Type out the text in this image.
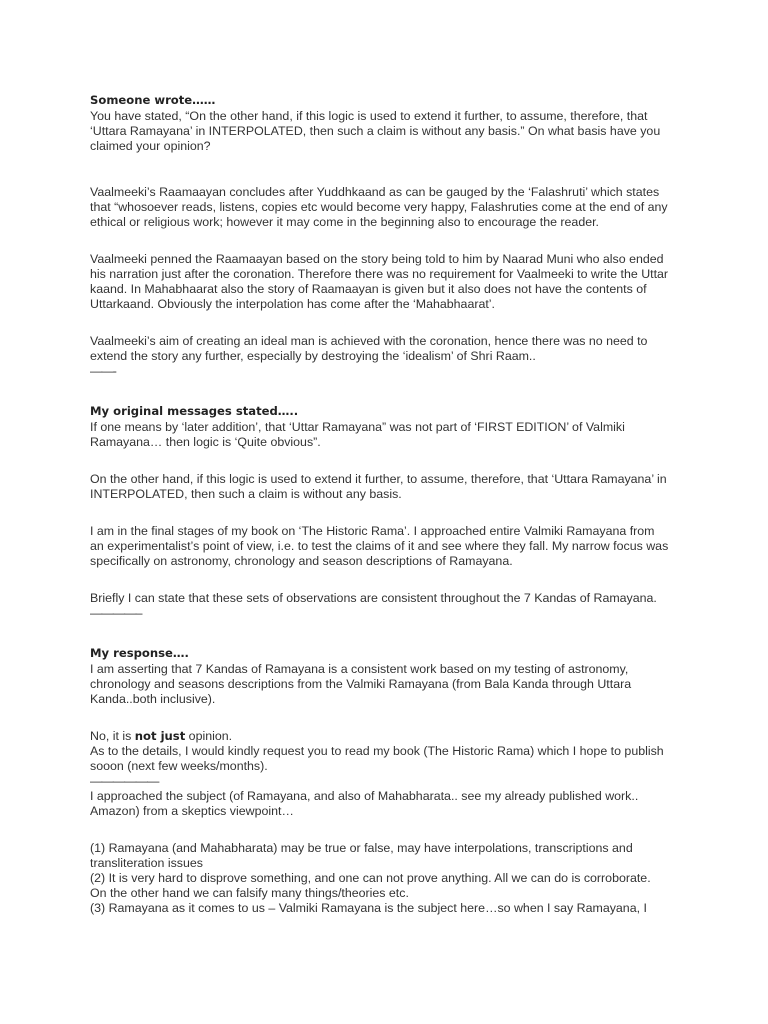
Someone wrote……
You have stated, “On the other hand, if this logic is used to extend it further, to assume, therefore, that
‘Uttara Ramayana’ in INTERPOLATED, then such a claim is without any basis.” On what basis have you
claimed your opinion?
Vaalmeeki’s Raamaayan concludes after Yuddhkaand as can be gauged by the ‘Falashruti’ which states
that “whosoever reads, listens, copies etc would become very happy, Falashruties come at the end of any
ethical or religious work; however it may come in the beginning also to encourage the reader.
Vaalmeeki penned the Raamaayan based on the story being told to him by Naarad Muni who also ended
his narration just after the coronation. Therefore there was no requirement for Vaalmeeki to write the Uttar
kaand. In Mahabhaarat also the story of Raamaayan is given but it also does not have the contents of
Uttarkaand. Obviously the interpolation has come after the ‘Mahabhaarat’.
Vaalmeeki’s aim of creating an ideal man is achieved with the coronation, hence there was no need to
extend the story any further, especially by destroying the ‘idealism’ of Shri Raam..
——-
My original messages stated…..
If one means by ‘later addition’, that ‘Uttar Ramayana” was not part of ‘FIRST EDITION’ of Valmiki
Ramayana… then logic is ‘Quite obvious”.
On the other hand, if this logic is used to extend it further, to assume, therefore, that ‘Uttara Ramayana’ in
INTERPOLATED, then such a claim is without any basis.
I am in the final stages of my book on ‘The Historic Rama’. I approached entire Valmiki Ramayana from
an experimentalist’s point of view, i.e. to test the claims of it and see where they fall. My narrow focus was
specifically on astronomy, chronology and season descriptions of Ramayana.
Briefly I can state that these sets of observations are consistent throughout the 7 Kandas of Ramayana.
————–
My response….
I am asserting that 7 Kandas of Ramayana is a consistent work based on my testing of astronomy,
chronology and seasons descriptions from the Valmiki Ramayana (from Bala Kanda through Uttara
Kanda..both inclusive).
No, it is not just opinion.
As to the details, I would kindly request you to read my book (The Historic Rama) which I hope to publish
sooon (next few weeks/months).
——————
I approached the subject (of Ramayana, and also of Mahabharata.. see my already published work..
Amazon) from a skeptics viewpoint…
(1) Ramayana (and Mahabharata) may be true or false, may have interpolations, transcriptions and
transliteration issues
(2) It is very hard to disprove something, and one can not prove anything. All we can do is corroborate.
On the other hand we can falsify many things/theories etc.
(3) Ramayana as it comes to us – Valmiki Ramayana is the subject here…so when I say Ramayana, I
